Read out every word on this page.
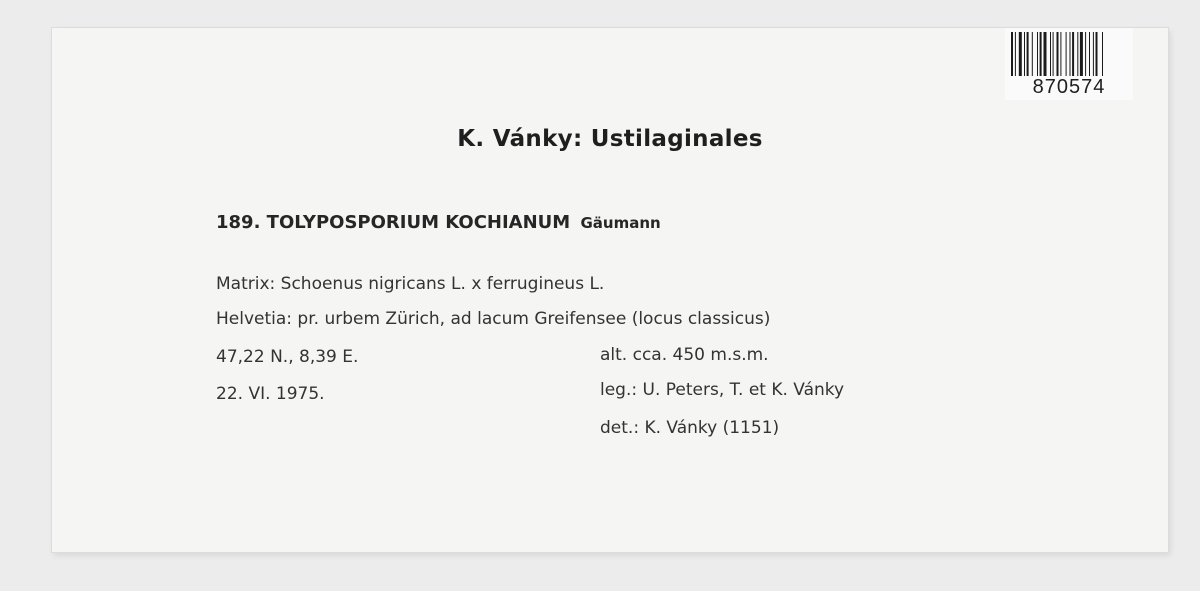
870574
K. Vánky: Ustilaginales
189. TOLYPOSPORIUM KOCHIANUM Gäumann
Matrix: Schoenus nigricans L. x ferrugineus L.
Helvetia: pr. urbem Zürich, ad lacum Greifensee (locus classicus)
47,22 N., 8,39 E.	alt. cca. 450 m.s.m.
22. VI. 1975.	leg.: U. Peters, T. et K. Vánky
det.: K. Vánky (1151)
